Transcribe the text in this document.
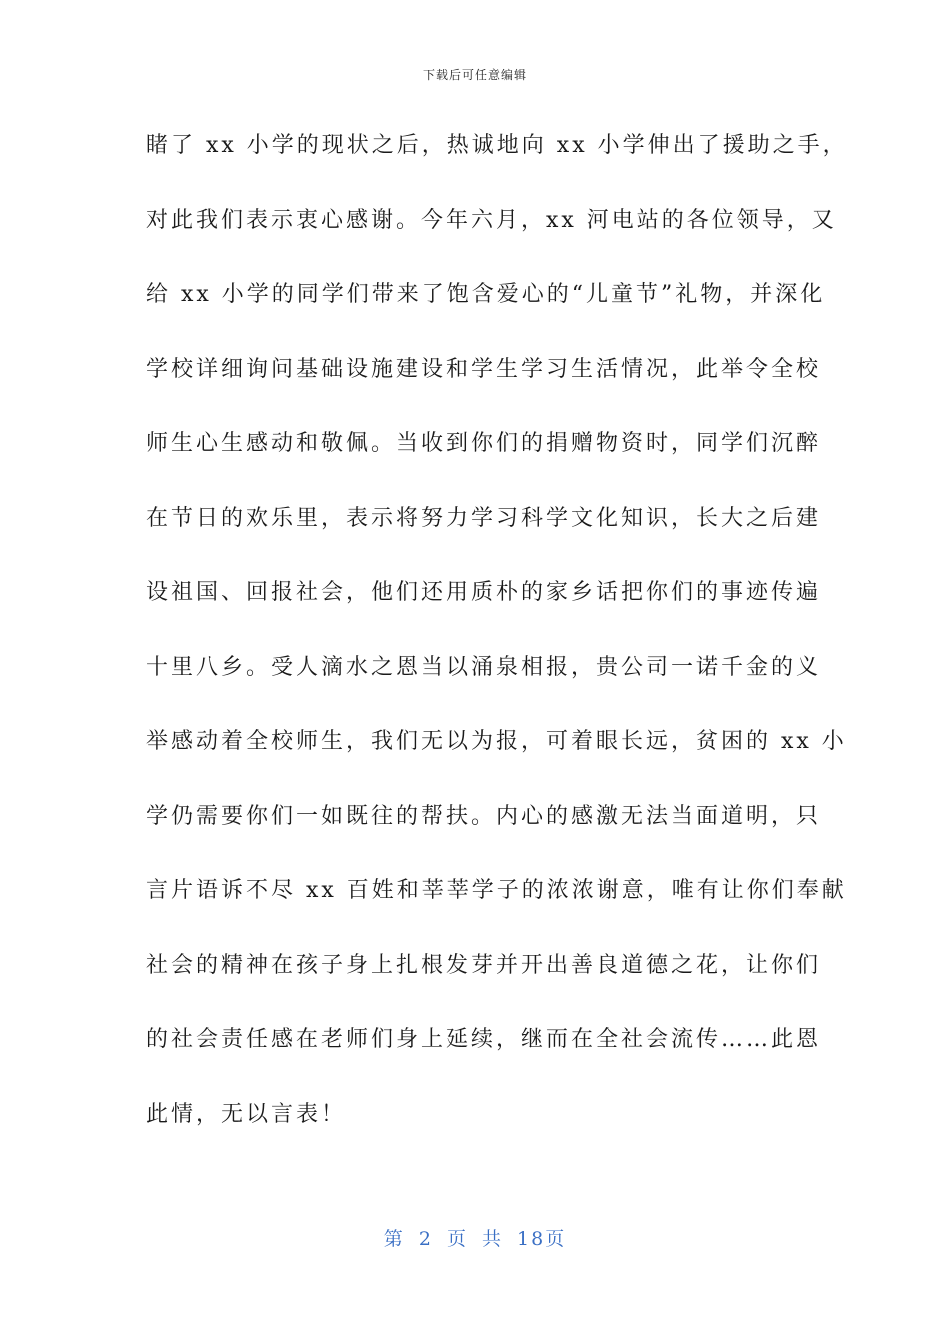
下载后可任意编辑
睹了 xx 小学的现状之后，热诚地向 xx 小学伸出了援助之手，
对此我们表示衷心感谢。今年六月，xx 河电站的各位领导，又
给 xx 小学的同学们带来了饱含爱心的“儿童节”礼物，并深化
学校详细询问基础设施建设和学生学习生活情况，此举令全校
师生心生感动和敬佩。当收到你们的捐赠物资时，同学们沉醉
在节日的欢乐里，表示将努力学习科学文化知识，长大之后建
设祖国、回报社会，他们还用质朴的家乡话把你们的事迹传遍
十里八乡。受人滴水之恩当以涌泉相报，贵公司一诺千金的义
举感动着全校师生，我们无以为报，可着眼长远，贫困的 xx 小
学仍需要你们一如既往的帮扶。内心的感激无法当面道明，只
言片语诉不尽 xx 百姓和莘莘学子的浓浓谢意，唯有让你们奉献
社会的精神在孩子身上扎根发芽并开出善良道德之花，让你们
的社会责任感在老师们身上延续，继而在全社会流传……此恩
此情，无以言表！
第 2 页 共 18页
